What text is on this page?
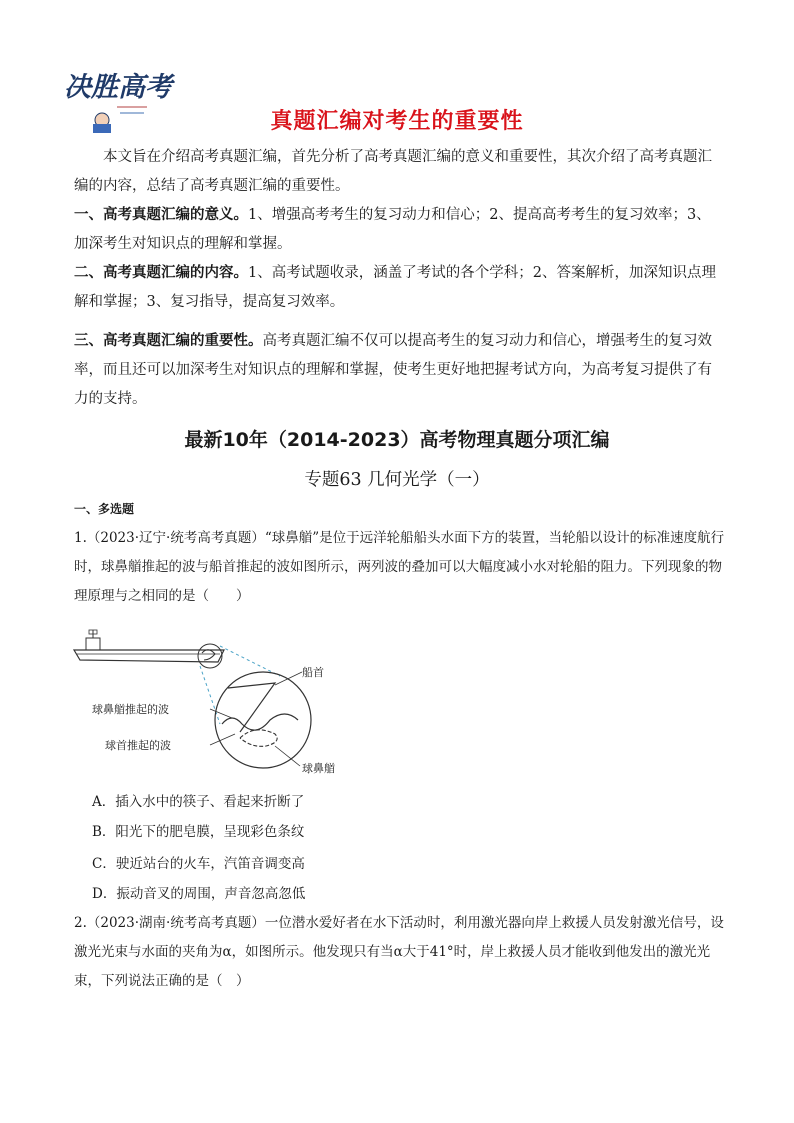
决胜高考
真题汇编对考生的重要性
本文旨在介绍高考真题汇编，首先分析了高考真题汇编的意义和重要性，其次介绍了高考真题汇编的内容，总结了高考真题汇编的重要性。
一、高考真题汇编的意义。1、增强高考考生的复习动力和信心；2、提高高考考生的复习效率；3、加深考生对知识点的理解和掌握。
二、高考真题汇编的内容。1、高考试题收录，涵盖了考试的各个学科；2、答案解析，加深知识点理解和掌握；3、复习指导，提高复习效率。
三、高考真题汇编的重要性。高考真题汇编不仅可以提高考生的复习动力和信心，增强考生的复习效率，而且还可以加深考生对知识点的理解和掌握，使考生更好地把握考试方向，为高考复习提供了有力的支持。
最新10年（2014-2023）高考物理真题分项汇编
专题63 几何光学（一）
一、多选题
1.（2023·辽宁·统考高考真题）“球鼻艏”是位于远洋轮船船头水面下方的装置，当轮船以设计的标准速度航行时，球鼻艏推起的波与船首推起的波如图所示，两列波的叠加可以大幅度减小水对轮船的阻力。下列现象的物理原理与之相同的是（　　）
船首
球鼻艏推起的波
球首推起的波
球鼻艏
A．插入水中的筷子、看起来折断了
B．阳光下的肥皂膜，呈现彩色条纹
C．驶近站台的火车，汽笛音调变高
D．振动音叉的周围，声音忽高忽低
2.（2023·湖南·统考高考真题）一位潜水爱好者在水下活动时，利用激光器向岸上救援人员发射激光信号，设激光光束与水面的夹角为α，如图所示。他发现只有当α大于41°时，岸上救援人员才能收到他发出的激光光束，下列说法正确的是（　）
